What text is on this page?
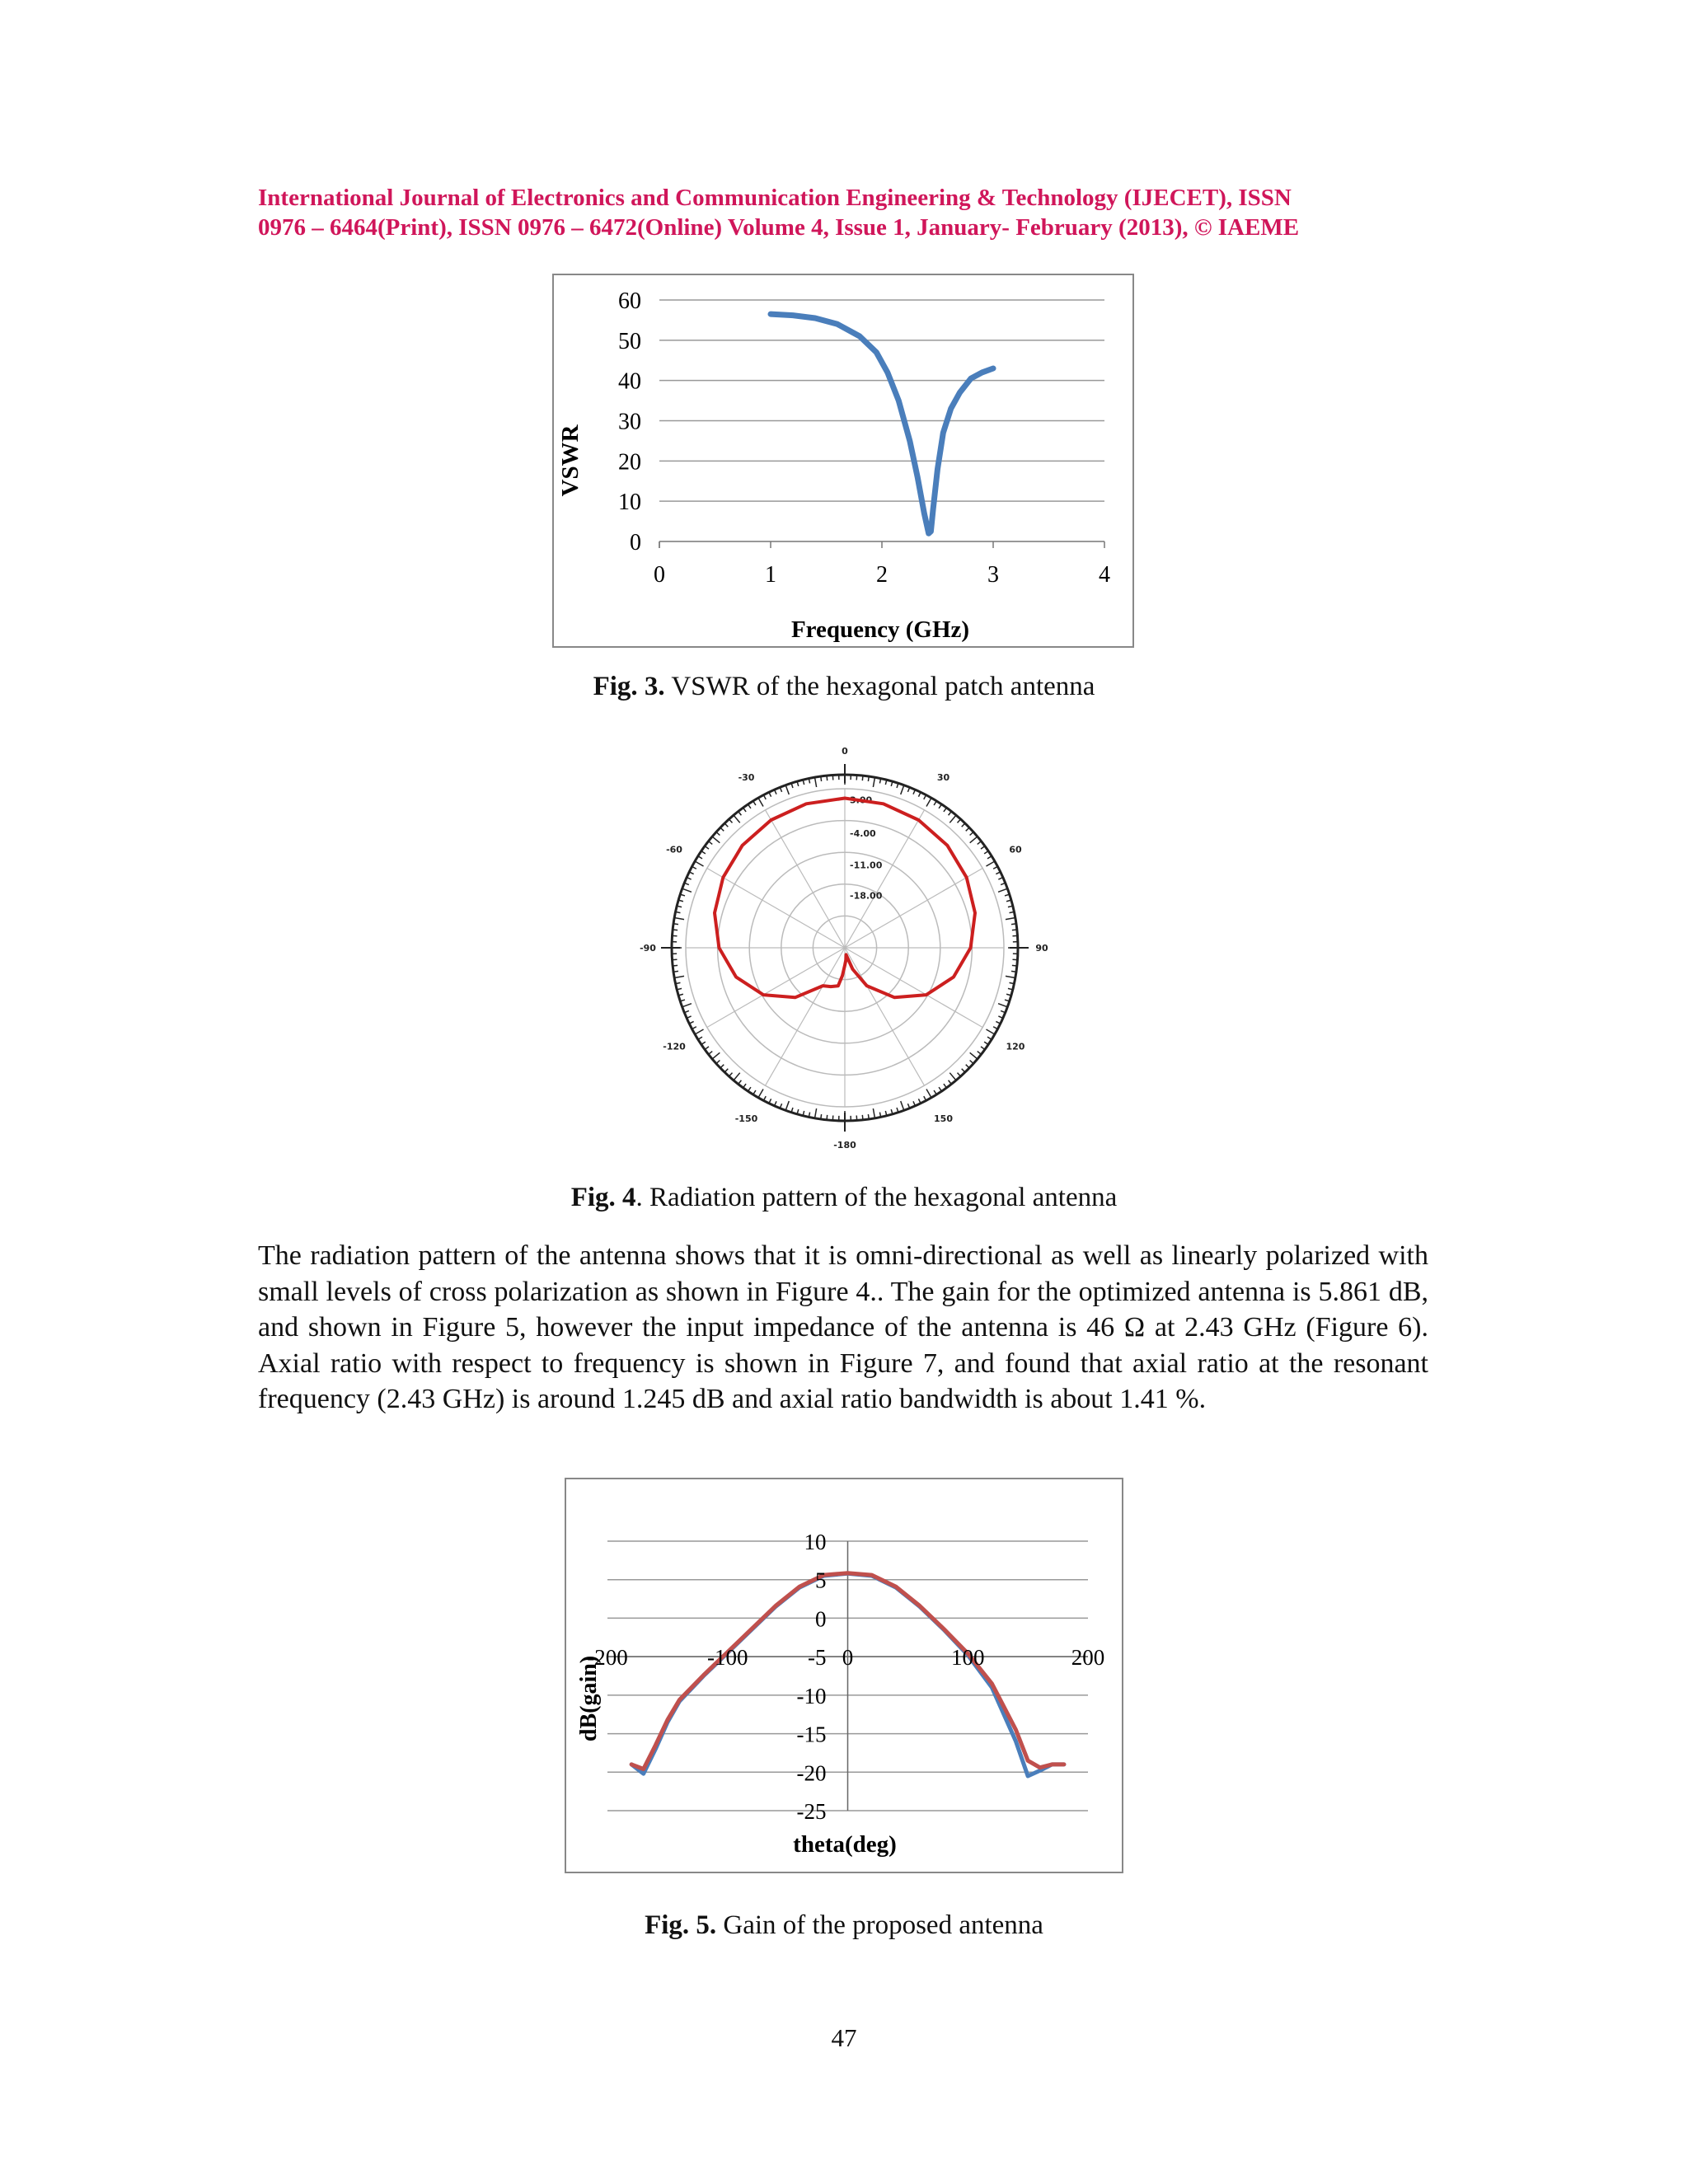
International Journal of Electronics and Communication Engineering & Technology (IJECET), ISSN
0976 – 6464(Print), ISSN 0976 – 6472(Online) Volume 4, Issue 1, January- February (2013), © IAEME
0
10
20
30
40
50
60
0	1	2	3	4
VSWR
Frequency (GHz)
Fig. 3. VSWR of the hexagonal patch antenna
0
30
60
90
120
150
-180
-150
-120
-90
-60
-30
3.00
-4.00
-11.00
-18.00
Fig. 4. Radiation pattern of the hexagonal antenna
The radiation pattern of the antenna shows that it is omni-directional as well as linearly polarized with small levels of cross polarization as shown in Figure 4.. The gain for the optimized antenna is 5.861 dB, and shown in Figure 5, however the input impedance of the antenna is 46 Ω at 2.43 GHz (Figure 6). Axial ratio with respect to frequency is shown in Figure 7, and found that axial ratio at the resonant frequency (2.43 GHz) is around 1.245 dB and axial ratio bandwidth is about 1.41 %.
10
5
0
-5
-10
-15
-20
-25
-200	-100	0	100	200
dB(gain)
theta(deg)
Fig. 5. Gain of the proposed antenna
47
